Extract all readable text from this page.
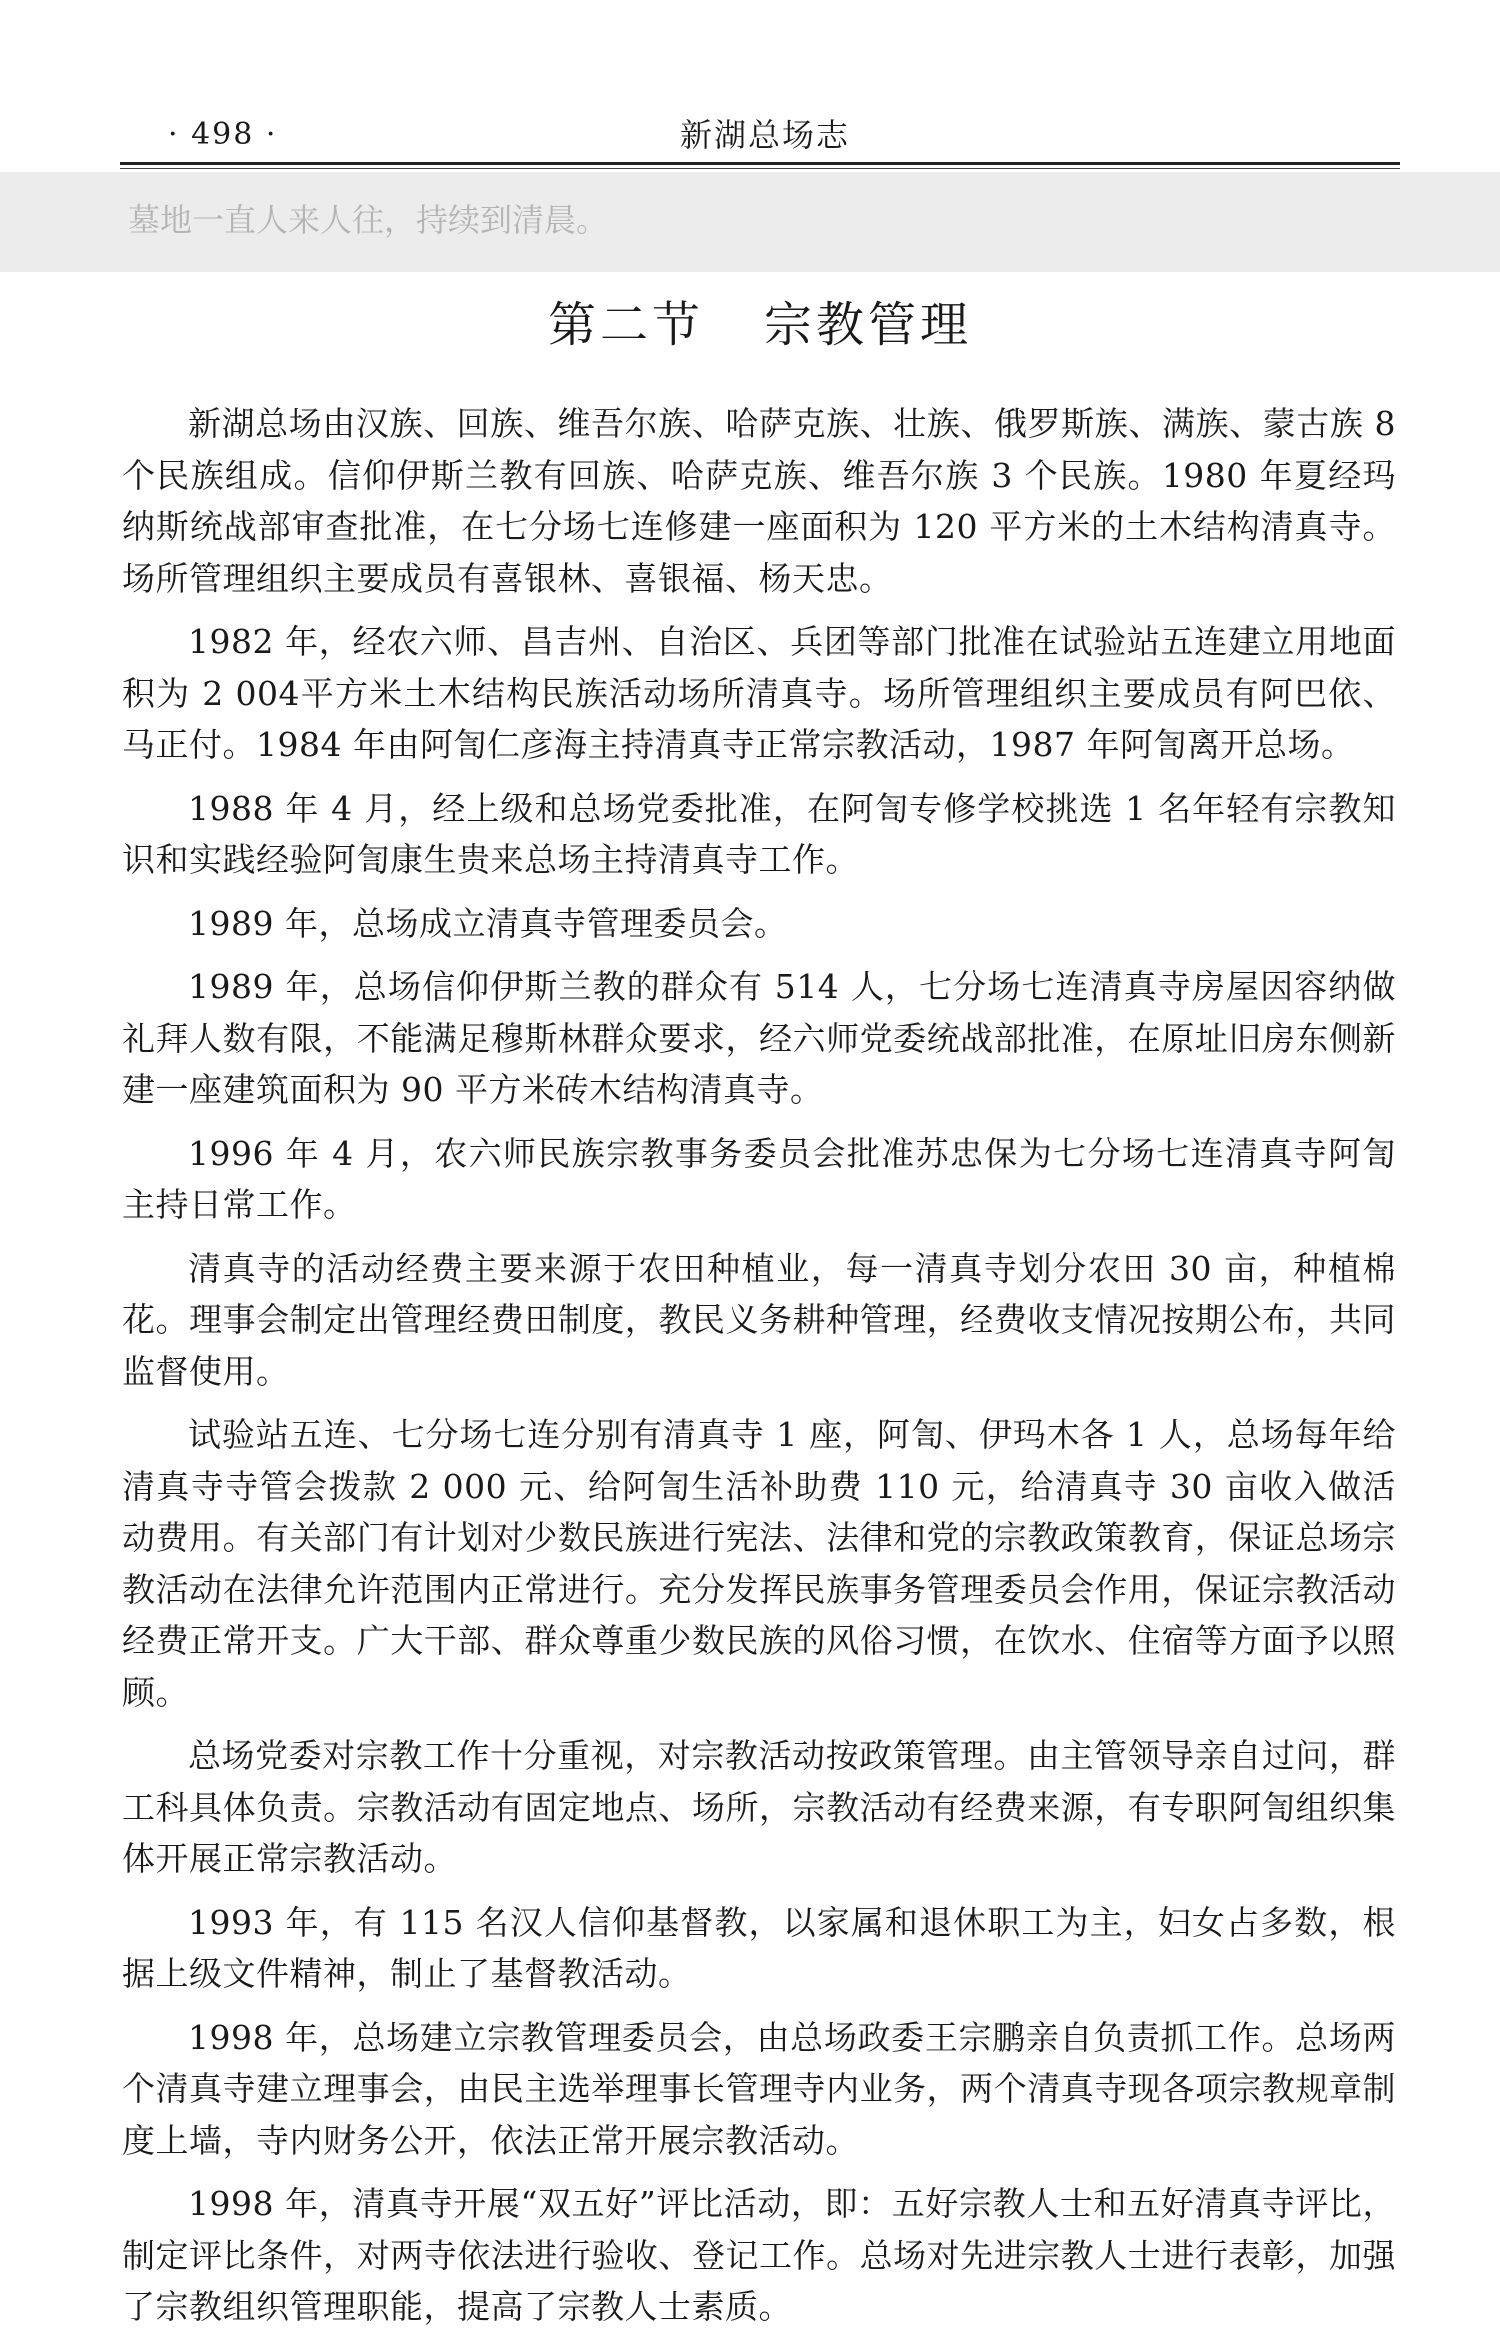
· 498 ·	新湖总场志
墓地一直人来人往，持续到清晨。
第二节 宗教管理

新湖总场由汉族、回族、维吾尔族、哈萨克族、壮族、俄罗斯族、满族、蒙古族 8 个民族组成。信仰伊斯兰教有回族、哈萨克族、维吾尔族 3 个民族。1980 年夏经玛纳斯统战部审查批准，在七分场七连修建一座面积为 120 平方米的土木结构清真寺。场所管理组织主要成员有喜银林、喜银福、杨天忠。

1982 年，经农六师、昌吉州、自治区、兵团等部门批准在试验站五连建立用地面积为 2 004平方米土木结构民族活动场所清真寺。场所管理组织主要成员有阿巴依、马正付。1984 年由阿訇仁彦海主持清真寺正常宗教活动，1987 年阿訇离开总场。

1988 年 4 月，经上级和总场党委批准，在阿訇专修学校挑选 1 名年轻有宗教知识和实践经验阿訇康生贵来总场主持清真寺工作。

1989 年，总场成立清真寺管理委员会。

1989 年，总场信仰伊斯兰教的群众有 514 人，七分场七连清真寺房屋因容纳做礼拜人数有限，不能满足穆斯林群众要求，经六师党委统战部批准，在原址旧房东侧新建一座建筑面积为 90 平方米砖木结构清真寺。

1996 年 4 月，农六师民族宗教事务委员会批准苏忠保为七分场七连清真寺阿訇主持日常工作。

清真寺的活动经费主要来源于农田种植业，每一清真寺划分农田 30 亩，种植棉花。理事会制定出管理经费田制度，教民义务耕种管理，经费收支情况按期公布，共同监督使用。

试验站五连、七分场七连分别有清真寺 1 座，阿訇、伊玛木各 1 人，总场每年给清真寺寺管会拨款 2 000 元、给阿訇生活补助费 110 元，给清真寺 30 亩收入做活动费用。有关部门有计划对少数民族进行宪法、法律和党的宗教政策教育，保证总场宗教活动在法律允许范围内正常进行。充分发挥民族事务管理委员会作用，保证宗教活动经费正常开支。广大干部、群众尊重少数民族的风俗习惯，在饮水、住宿等方面予以照顾。

总场党委对宗教工作十分重视，对宗教活动按政策管理。由主管领导亲自过问，群工科具体负责。宗教活动有固定地点、场所，宗教活动有经费来源，有专职阿訇组织集体开展正常宗教活动。

1993 年，有 115 名汉人信仰基督教，以家属和退休职工为主，妇女占多数，根据上级文件精神，制止了基督教活动。

1998 年，总场建立宗教管理委员会，由总场政委王宗鹏亲自负责抓工作。总场两个清真寺建立理事会，由民主选举理事长管理寺内业务，两个清真寺现各项宗教规章制度上墙，寺内财务公开，依法正常开展宗教活动。

1998 年，清真寺开展“双五好”评比活动，即：五好宗教人士和五好清真寺评比，制定评比条件，对两寺依法进行验收、登记工作。总场对先进宗教人士进行表彰，加强了宗教组织管理职能，提高了宗教人士素质。
